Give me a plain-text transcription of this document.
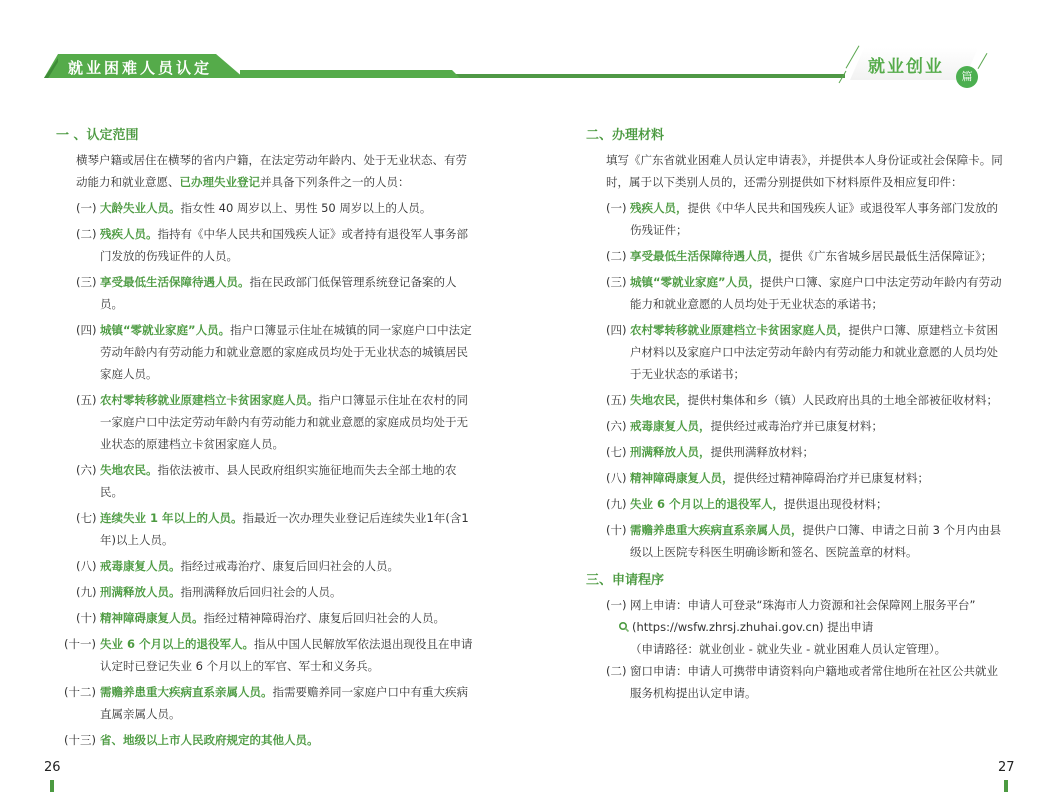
就业困难人员认定	就业创业	篇
一 、认定范围
横琴户籍或居住在横琴的省内户籍，在法定劳动年龄内、处于无业状态、有劳动能力和就业意愿、已办理失业登记并具备下列条件之一的人员：
(一) 大龄失业人员。指女性 40 周岁以上、男性 50 周岁以上的人员。
(二) 残疾人员。指持有《中华人民共和国残疾人证》或者持有退役军人事务部门发放的伤残证件的人员。
(三) 享受最低生活保障待遇人员。指在民政部门低保管理系统登记备案的人员。
(四) 城镇“零就业家庭”人员。指户口簿显示住址在城镇的同一家庭户口中法定劳动年龄内有劳动能力和就业意愿的家庭成员均处于无业状态的城镇居民家庭人员。
(五) 农村零转移就业原建档立卡贫困家庭人员。指户口簿显示住址在农村的同一家庭户口中法定劳动年龄内有劳动能力和就业意愿的家庭成员均处于无业状态的原建档立卡贫困家庭人员。
(六) 失地农民。指依法被市、县人民政府组织实施征地而失去全部土地的农民。
(七) 连续失业 1 年以上的人员。指最近一次办理失业登记后连续失业1年(含1年)以上人员。
(八) 戒毒康复人员。指经过戒毒治疗、康复后回归社会的人员。
(九) 刑满释放人员。指刑满释放后回归社会的人员。
(十) 精神障碍康复人员。指经过精神障碍治疗、康复后回归社会的人员。
(十一) 失业 6 个月以上的退役军人。指从中国人民解放军依法退出现役且在申请认定时已登记失业 6 个月以上的军官、军士和义务兵。
(十二) 需赡养患重大疾病直系亲属人员。指需要赡养同一家庭户口中有重大疾病直属亲属人员。
(十三) 省、地级以上市人民政府规定的其他人员。
二、办理材料
填写《广东省就业困难人员认定申请表》，并提供本人身份证或社会保障卡。同时，属于以下类别人员的，还需分别提供如下材料原件及相应复印件：
(一) 残疾人员，提供《中华人民共和国残疾人证》或退役军人事务部门发放的伤残证件；
(二) 享受最低生活保障待遇人员，提供《广东省城乡居民最低生活保障证》；
(三) 城镇“零就业家庭”人员，提供户口簿、家庭户口中法定劳动年龄内有劳动能力和就业意愿的人员均处于无业状态的承诺书；
(四) 农村零转移就业原建档立卡贫困家庭人员，提供户口簿、原建档立卡贫困户材料以及家庭户口中法定劳动年龄内有劳动能力和就业意愿的人员均处于无业状态的承诺书；
(五) 失地农民，提供村集体和乡（镇）人民政府出具的土地全部被征收材料；
(六) 戒毒康复人员，提供经过戒毒治疗并已康复材料；
(七) 刑满释放人员，提供刑满释放材料；
(八) 精神障碍康复人员，提供经过精神障碍治疗并已康复材料；
(九) 失业 6 个月以上的退役军人，提供退出现役材料；
(十) 需赡养患重大疾病直系亲属人员，提供户口簿、申请之日前 3 个月内由县级以上医院专科医生明确诊断和签名、医院盖章的材料。
三、申请程序
(一) 网上申请：申请人可登录“珠海市人力资源和社会保障网上服务平台”
(https://wsfw.zhrsj.zhuhai.gov.cn) 提出申请
（申请路径：就业创业 - 就业失业 - 就业困难人员认定管理）。
(二) 窗口申请：申请人可携带申请资料向户籍地或者常住地所在社区公共就业服务机构提出认定申请。
26	27
